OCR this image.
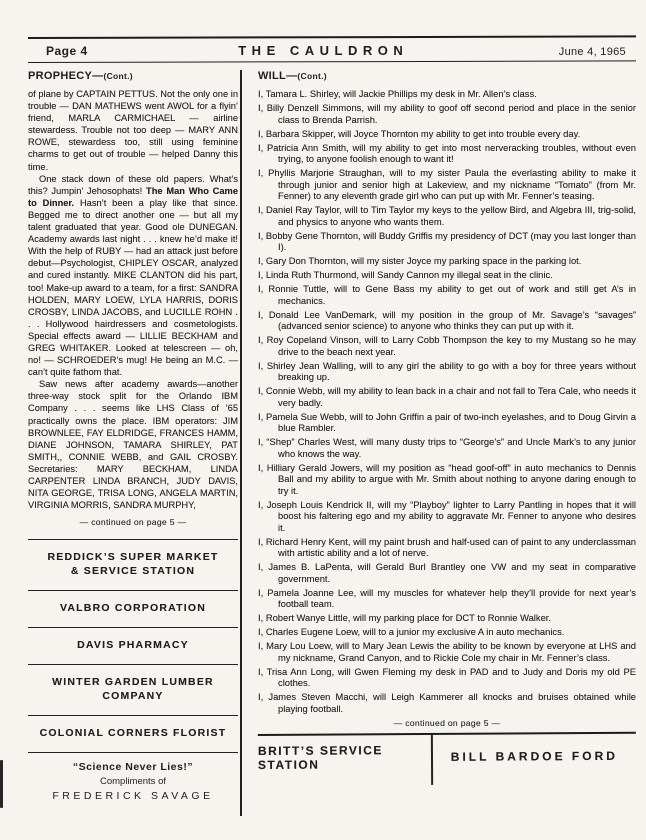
Page 4	THE CAULDRON	June 4, 1965
PROPHECY—(Cont.)

of plane by CAPTAIN PETTUS. Not the only one in trouble — DAN MATHEWS went AWOL for a flyin’ friend, MARLA CARMICHAEL — airline stewardess. Trouble not too deep — MARY ANN ROWE, stewardess too, still using feminine charms to get out of trouble — helped Danny this time.

One stack down of these old papers. What’s this? Jumpin’ Jehosophats! The Man Who Came to Dinner. Hasn’t been a play like that since. Begged me to direct another one — but all my talent graduated that year. Good ole DUNEGAN. Academy awards last night . . . knew he’d make it! With the help of RUBY — had an attack just before debut—Psychologist, CHIPLEY OSCAR, analyzed and cured instantly. MIKE CLANTON did his part, too! Make-up award to a team, for a first: SANDRA HOLDEN, MARY LOEW, LYLA HARRIS, DORIS CROSBY, LINDA JACOBS, and LUCILLE ROHN . . . Hollywood hairdressers and cosmetologists. Special effects award — LILLIE BECKHAM and GREG WHITAKER. Looked at telescreen — oh, no! — SCHROEDER’s mug! He being an M.C. —can’t quite fathom that.

Saw news after academy awards—another three-way stock split for the Orlando IBM Company . . . seems like LHS Class of ’65 practically owns the place. IBM operators: JIM BROWNLEE, FAY ELDRIDGE, FRANCES HAMM, DIANE JOHNSON, TAMARA SHIRLEY, PAT SMITH,, CONNIE WEBB, and GAIL CROSBY. Secretaries: MARY BECKHAM, LINDA CARPENTER LINDA BRANCH, JUDY DAVIS, NITA GEORGE, TRISA LONG, ANGELA MARTIN, VIRGINIA MORRIS, SANDRA MURPHY,

— continued on page 5 —
REDDICK’S SUPER MARKET
& SERVICE STATION
VALBRO CORPORATION
DAVIS PHARMACY
WINTER GARDEN LUMBER
COMPANY
COLONIAL CORNERS FLORIST
“Science Never Lies!”
Compliments of
FREDERICK SAVAGE
WILL—(Cont.)

I, Tamara L. Shirley, will Jackie Phillips my desk in Mr. Allen’s class.

I, Billy Denzell Simmons, will my ability to goof off second period and place in the senior class to Brenda Parrish.

I, Barbara Skipper, will Joyce Thornton my ability to get into trouble every day.

I, Patricia Ann Smith, will my ability to get into most nerveracking troubles, without even trying, to anyone foolish enough to want it!

I, Phyllis Marjorie Straughan, will to my sister Paula the everlasting ability to make it through junior and senior high at Lakeview, and my nickname “Tomato” (from Mr. Fenner) to any eleventh grade girl who can put up with Mr. Fenner’s teasing.

I, Daniel Ray Taylor, will to Tim Taylor my keys to the yellow Bird, and Algebra III, trig-solid, and physics to anyone who wants them.

I, Bobby Gene Thornton, will Buddy Griffis my presidency of DCT (may you last longer than I).

I, Gary Don Thornton, will my sister Joyce my parking space in the parking lot.

I, Linda Ruth Thurmond, will Sandy Cannon my illegal seat in the clinic.

I, Ronnie Tuttle, will to Gene Bass my ability to get out of work and still get A’s in mechanics.

I, Donald Lee VanDemark, will my position in the group of Mr. Savage’s “savages” (advanced senior science) to anyone who thinks they can put up with it.

I, Roy Copeland Vinson, will to Larry Cobb Thompson the key to my Mustang so he may drive to the beach next year.

I, Shirley Jean Walling, will to any girl the ability to go with a boy for three years without breaking up.

I, Connie Webb, will my ability to lean back in a chair and not fall to Tera Cale, who needs it very badly.

I, Pamela Sue Webb, will to John Griffin a pair of two-inch eyelashes, and to Doug Girvin a blue Rambler.

I, “Shep” Charles West, will many dusty trips to “George’s” and Uncle Mark’s to any junior who knows the way.

I, Hilliary Gerald Jowers, will my position as “head goof-off” in auto mechanics to Dennis Ball and my ability to argue with Mr. Smith about nothing to anyone daring enough to try it.

I, Joseph Louis Kendrick II, will my “Playboy” lighter to Larry Pantling in hopes that it will boost his faltering ego and my ability to aggravate Mr. Fenner to anyone who desires it.

I, Richard Henry Kent, will my paint brush and half-used can of paint to any underclassman with artistic ability and a lot of nerve.

I, James B. LaPenta, will Gerald Burl Brantley one VW and my seat in comparative government.

I, Pamela Joanne Lee, will my muscles for whatever help they’ll provide for next year’s football team.

I, Robert Wanye Little, will my parking place for DCT to Ronnie Walker.

I, Charles Eugene Loew, will to a junior my exclusive A in auto mechanics.

I, Mary Lou Loew, will to Mary Jean Lewis the ability to be known by everyone at LHS and my nickname, Grand Canyon, and to Rickie Cole my chair in Mr. Fenner’s class.

I, Trisa Ann Long, will Gwen Fleming my desk in PAD and to Judy and Doris my old PE clothes.

I, James Steven Macchi, will Leigh Kammerer all knocks and bruises obtained while playing football.

— continued on page 5 —
BRITT’S SERVICE STATION
BILL BARDOE FORD
